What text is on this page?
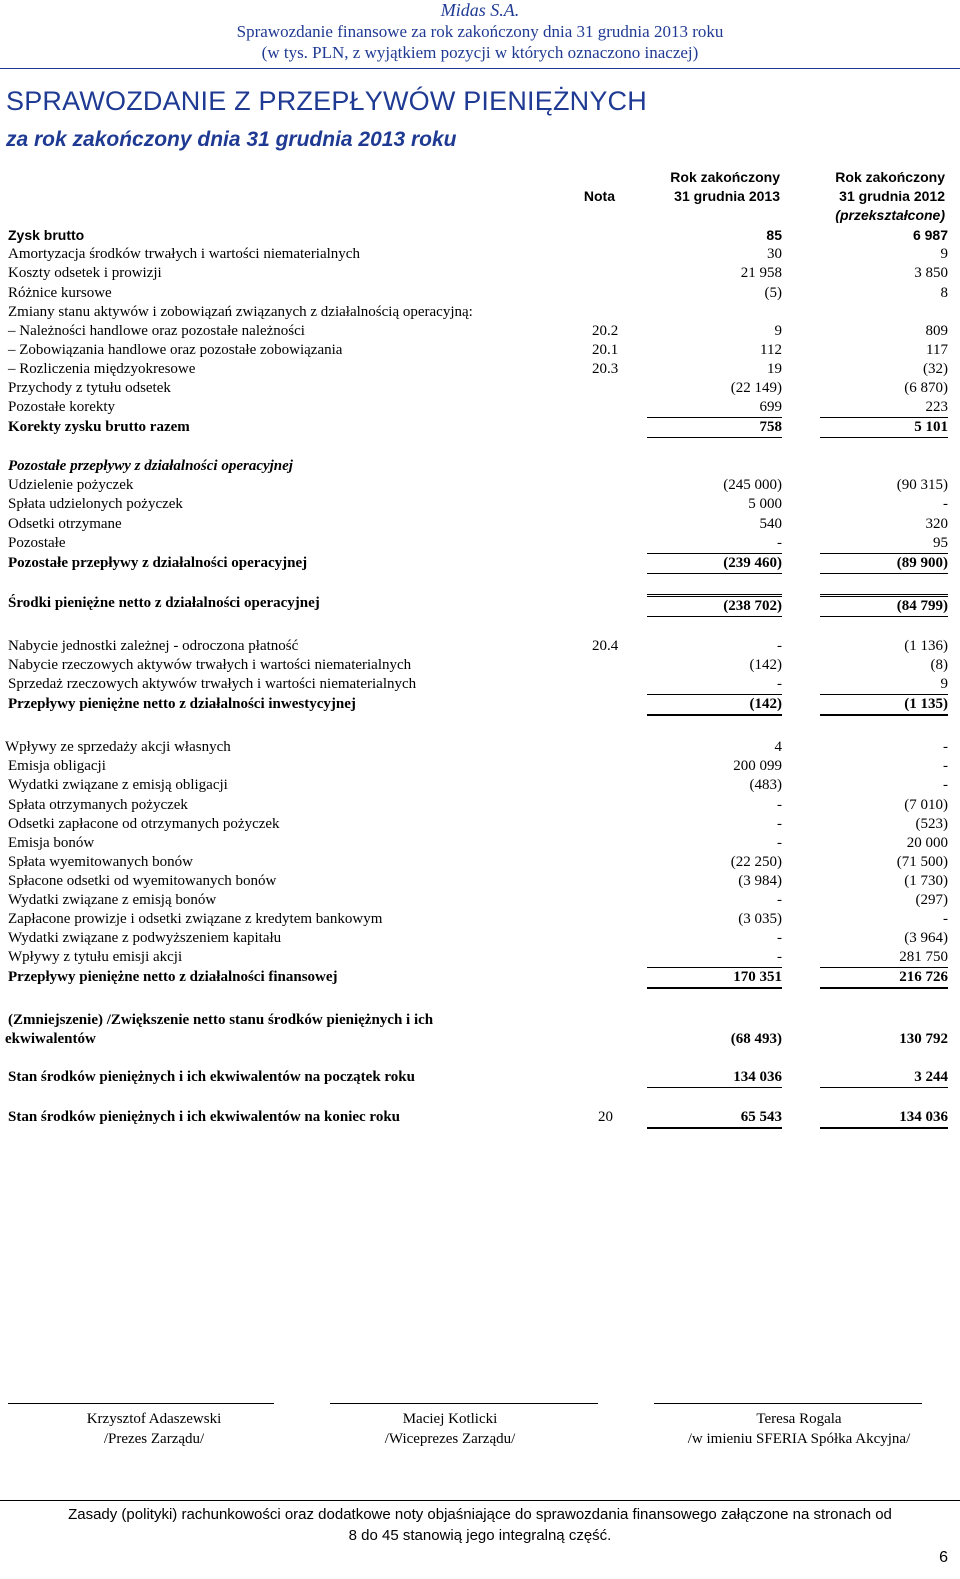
Midas S.A.
Sprawozdanie finansowe za rok zakończony dnia 31 grudnia 2013 roku
(w tys. PLN, z wyjątkiem pozycji w których oznaczono inaczej)
SPRAWOZDANIE Z PRZEPŁYWÓW PIENIĘŻNYCH
za rok zakończony dnia 31 grudnia 2013 roku
Nota
Rok zakończony
31 grudnia 2013
Rok zakończony
31 grudnia 2012
(przekształcone)
Zysk brutto	85	6 987
Amortyzacja środków trwałych i wartości niematerialnych	30	9
Koszty odsetek i prowizji	21 958	3 850
Różnice kursowe	(5)	8
Zmiany stanu aktywów i zobowiązań związanych z działalnością operacyjną:
– Należności handlowe oraz pozostałe należności	20.2	9	809
– Zobowiązania handlowe oraz pozostałe zobowiązania	20.1	112	117
– Rozliczenia międzyokresowe	20.3	19	(32)
Przychody z tytułu odsetek	(22 149)	(6 870)
Pozostałe korekty	699	223
Korekty zysku brutto razem	758	5 101
Pozostałe przepływy z działalności operacyjnej
Udzielenie pożyczek	(245 000)	(90 315)
Spłata udzielonych pożyczek	5 000	-
Odsetki otrzymane	540	320
Pozostałe	-	95
Pozostałe przepływy z działalności operacyjnej	(239 460)	(89 900)
Środki pieniężne netto z działalności operacyjnej	(238 702)	(84 799)
Nabycie jednostki zależnej - odroczona płatność	20.4	-	(1 136)
Nabycie rzeczowych aktywów trwałych i wartości niematerialnych	(142)	(8)
Sprzedaż rzeczowych aktywów trwałych i wartości niematerialnych	-	9
Przepływy pieniężne netto z działalności inwestycyjnej	(142)	(1 135)
Wpływy ze sprzedaży akcji własnych	4	-
Emisja obligacji	200 099	-
Wydatki związane z emisją obligacji	(483)	-
Spłata otrzymanych pożyczek	-	(7 010)
Odsetki zapłacone od otrzymanych pożyczek	-	(523)
Emisja bonów	-	20 000
Spłata wyemitowanych bonów	(22 250)	(71 500)
Spłacone odsetki od wyemitowanych bonów	(3 984)	(1 730)
Wydatki związane z emisją bonów	-	(297)
Zapłacone prowizje i odsetki związane z kredytem bankowym	(3 035)	-
Wydatki związane z podwyższeniem kapitału	-	(3 964)
Wpływy z tytułu emisji akcji	-	281 750
Przepływy pieniężne netto z działalności finansowej	170 351	216 726
(Zmniejszenie) /Zwiększenie netto stanu środków pieniężnych i ich
ekwiwalentów	(68 493)	130 792
Stan środków pieniężnych i ich ekwiwalentów na początek roku	134 036	3 244
Stan środków pieniężnych i ich ekwiwalentów na koniec roku	20	65 543	134 036
Krzysztof Adaszewski
/Prezes Zarządu/
Maciej Kotlicki
/Wiceprezes Zarządu/
Teresa Rogala
/w imieniu SFERIA Spółka Akcyjna/
Zasady (polityki) rachunkowości oraz dodatkowe noty objaśniające do sprawozdania finansowego załączone na stronach od
8 do 45 stanowią jego integralną część.
6
